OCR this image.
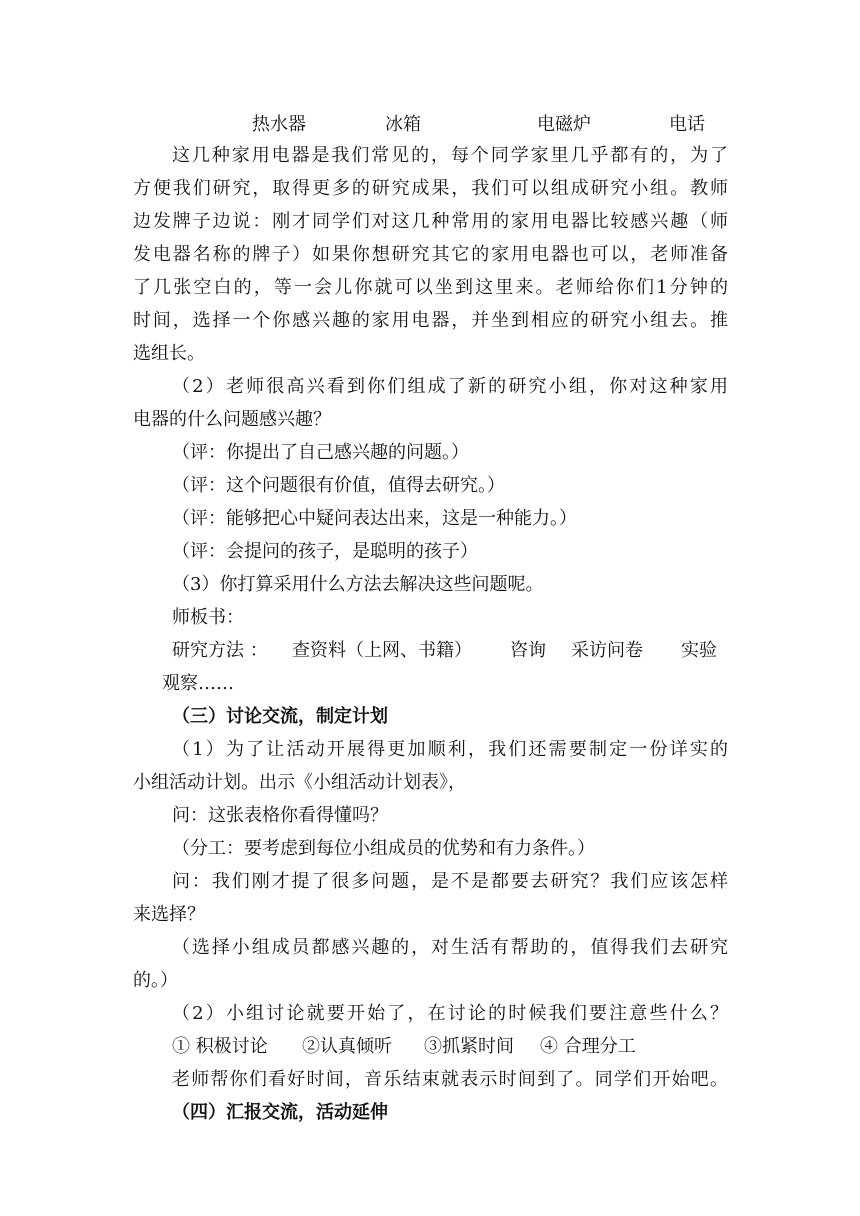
热水器	冰箱	电磁炉	电话
这几种家用电器是我们常见的，每个同学家里几乎都有的，为了
方便我们研究，取得更多的研究成果，我们可以组成研究小组。教师
边发牌子边说：刚才同学们对这几种常用的家用电器比较感兴趣（师
发电器名称的牌子）如果你想研究其它的家用电器也可以，老师准备
了几张空白的，等一会儿你就可以坐到这里来。老师给你们1分钟的
时间，选择一个你感兴趣的家用电器，并坐到相应的研究小组去。推
选组长。
（2）老师很高兴看到你们组成了新的研究小组，你对这种家用
电器的什么问题感兴趣？
（评：你提出了自己感兴趣的问题。）
（评：这个问题很有价值，值得去研究。）
（评：能够把心中疑问表达出来，这是一种能力。）
（评：会提问的孩子，是聪明的孩子）
（3）你打算采用什么方法去解决这些问题呢。
师板书：
研究方法 ： 查资料（上网、书籍） 咨询 采访问卷 实验
观察……
（三）讨论交流，制定计划
（1）为了让活动开展得更加顺利，我们还需要制定一份详实的
小组活动计划。出示《小组活动计划表》，
问：这张表格你看得懂吗？
（分工：要考虑到每位小组成员的优势和有力条件。）
问：我们刚才提了很多问题，是不是都要去研究？我们应该怎样
来选择？
（选择小组成员都感兴趣的，对生活有帮助的，值得我们去研究
的。）
（2）小组讨论就要开始了，在讨论的时候我们要注意些什么？
① 积极讨论 ②认真倾听 ③抓紧时间 ④ 合理分工
老师帮你们看好时间，音乐结束就表示时间到了。同学们开始吧。
（四）汇报交流，活动延伸
